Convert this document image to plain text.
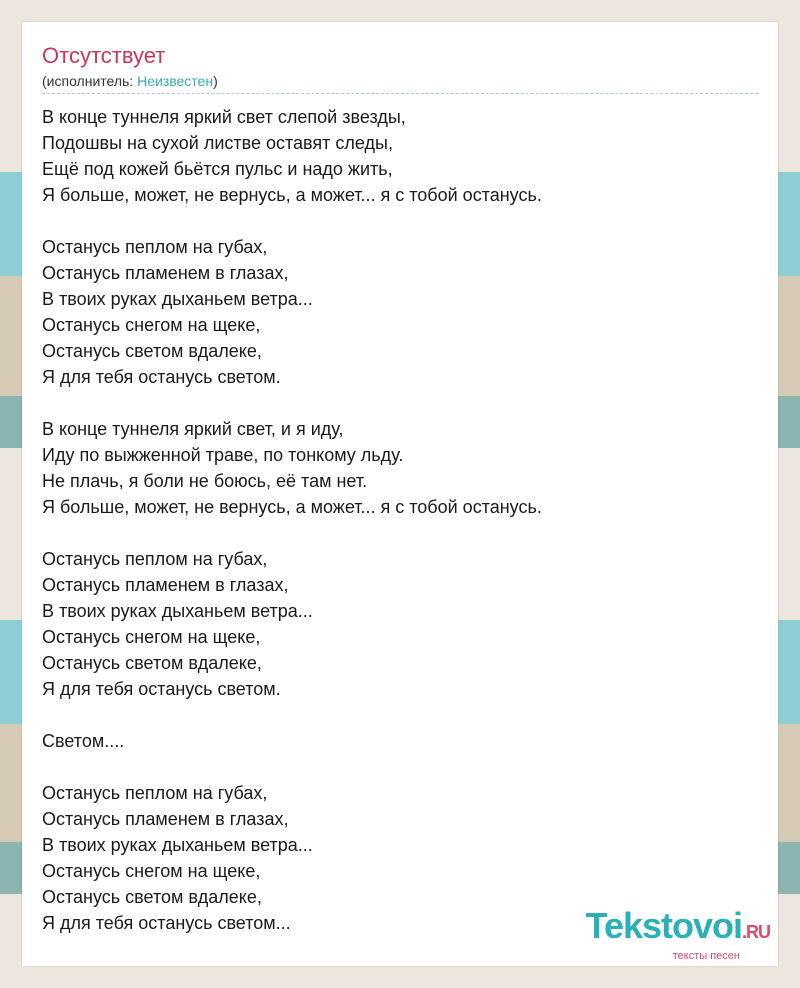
Отсутствует
(исполнитель: Неизвестен)
В конце туннеля яркий свет слепой звезды,
Подошвы на сухой листве оставят следы,
Ещё под кожей бьётся пульс и надо жить,
Я больше, может, не вернусь, а может... я с тобой останусь.
Останусь пеплом на губах,
Останусь пламенем в глазах,
В твоих руках дыханьем ветра...
Останусь снегом на щеке,
Останусь светом вдалеке,
Я для тебя останусь светом.
В конце туннеля яркий свет, и я иду,
Иду по выжженной траве, по тонкому льду.
Не плачь, я боли не боюсь, её там нет.
Я больше, может, не вернусь, а может... я с тобой останусь.
Останусь пеплом на губах,
Останусь пламенем в глазах,
В твоих руках дыханьем ветра...
Останусь снегом на щеке,
Останусь светом вдалеке,
Я для тебя останусь светом.
Светом....
Останусь пеплом на губах,
Останусь пламенем в глазах,
В твоих руках дыханьем ветра...
Останусь снегом на щеке,
Останусь светом вдалеке,
Я для тебя останусь светом...	Tekstovoi.RU
тексты песен
